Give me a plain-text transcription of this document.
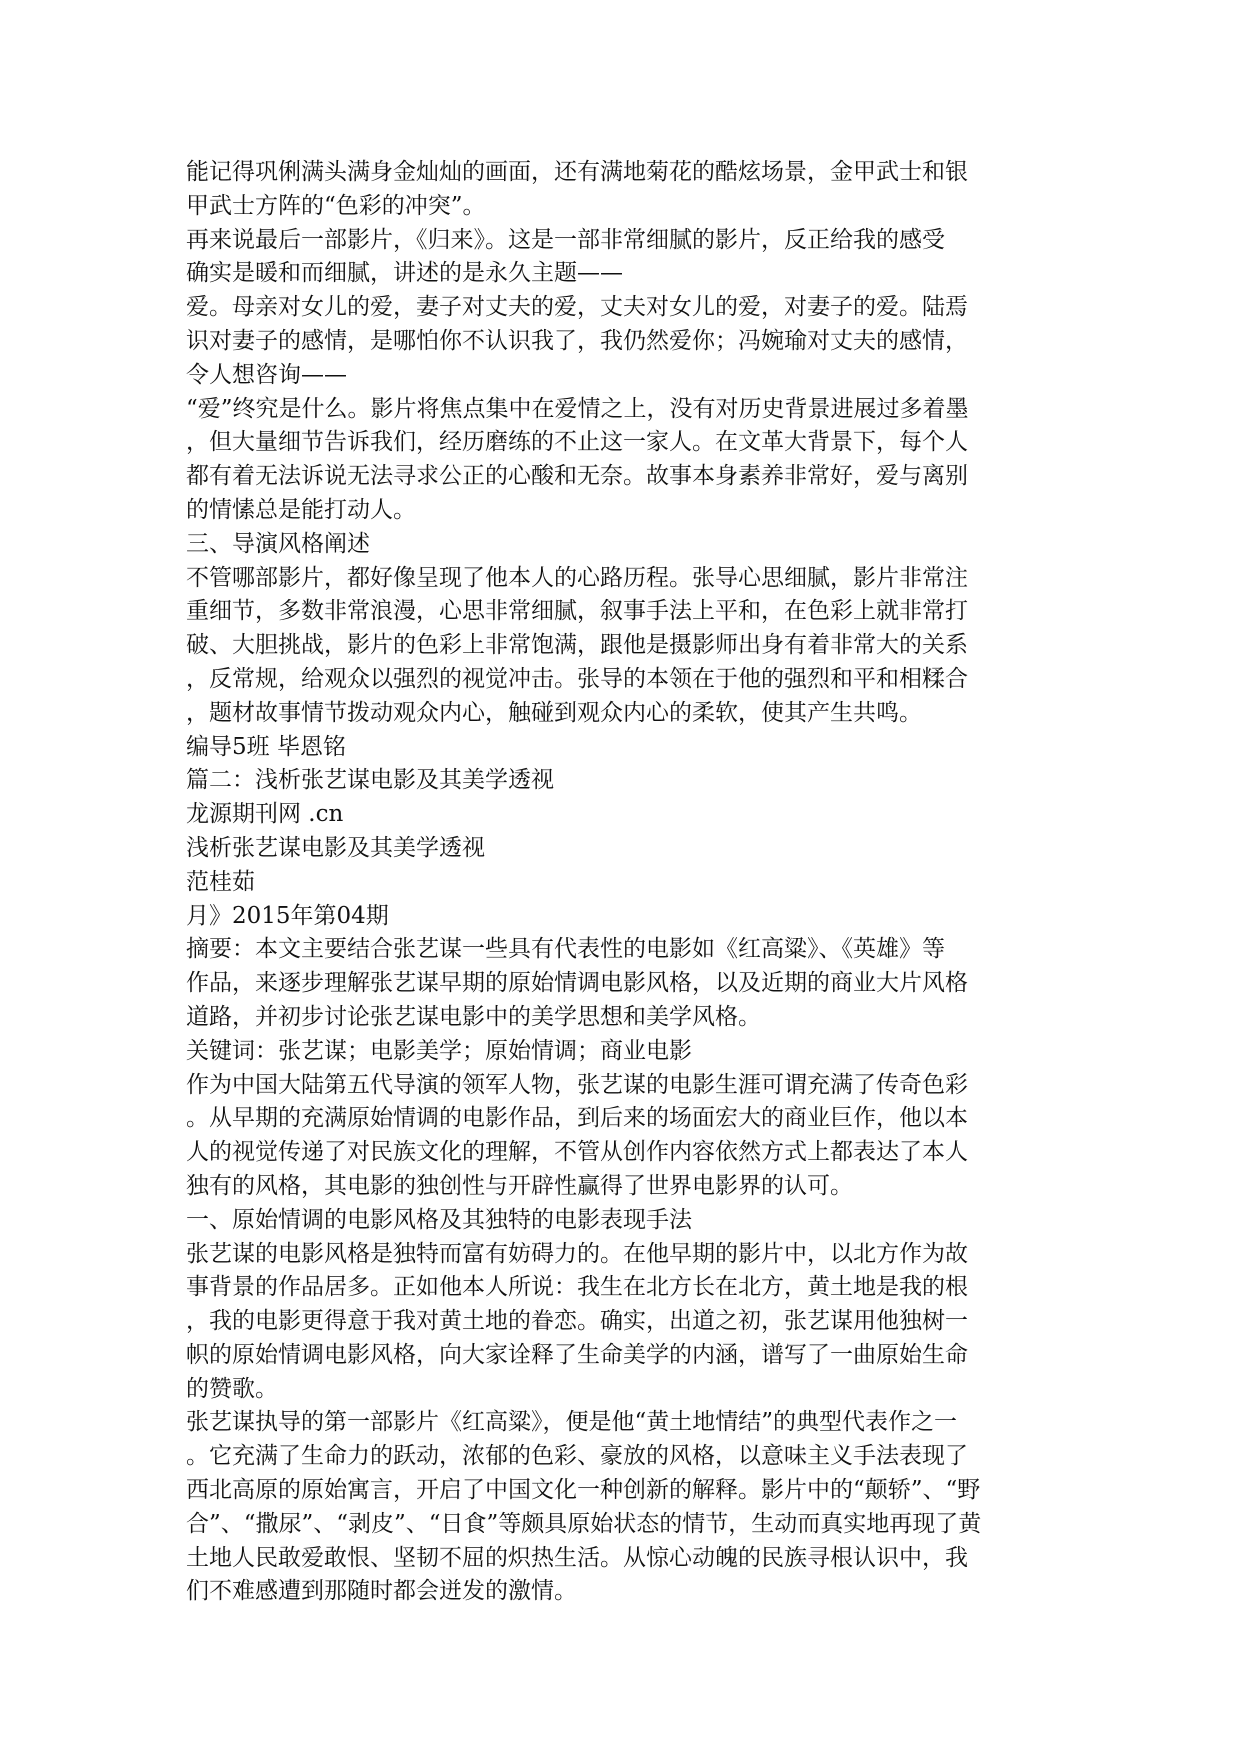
能记得巩俐满头满身金灿灿的画面，还有满地菊花的酷炫场景，金甲武士和银
甲武士方阵的“色彩的冲突”。
再来说最后一部影片，《归来》。这是一部非常细腻的影片，反正给我的感受
确实是暖和而细腻，讲述的是永久主题——
爱。母亲对女儿的爱，妻子对丈夫的爱，丈夫对女儿的爱，对妻子的爱。陆焉
识对妻子的感情，是哪怕你不认识我了，我仍然爱你；冯婉瑜对丈夫的感情，
令人想咨询——
“爱”终究是什么。影片将焦点集中在爱情之上，没有对历史背景进展过多着墨
，但大量细节告诉我们，经历磨练的不止这一家人。在文革大背景下，每个人
都有着无法诉说无法寻求公正的心酸和无奈。故事本身素养非常好，爱与离别
的情愫总是能打动人。
三、导演风格阐述
不管哪部影片，都好像呈现了他本人的心路历程。张导心思细腻，影片非常注
重细节，多数非常浪漫，心思非常细腻，叙事手法上平和，在色彩上就非常打
破、大胆挑战，影片的色彩上非常饱满，跟他是摄影师出身有着非常大的关系
，反常规，给观众以强烈的视觉冲击。张导的本领在于他的强烈和平和相糅合
，题材故事情节拨动观众内心，触碰到观众内心的柔软，使其产生共鸣。
编导5班 毕恩铭
篇二：浅析张艺谋电影及其美学透视
龙源期刊网 .cn
浅析张艺谋电影及其美学透视
范桂茹
月》2015年第04期
摘要：本文主要结合张艺谋一些具有代表性的电影如《红高粱》、《英雄》等
作品，来逐步理解张艺谋早期的原始情调电影风格，以及近期的商业大片风格
道路，并初步讨论张艺谋电影中的美学思想和美学风格。
关键词：张艺谋；电影美学；原始情调；商业电影
作为中国大陆第五代导演的领军人物，张艺谋的电影生涯可谓充满了传奇色彩
。从早期的充满原始情调的电影作品，到后来的场面宏大的商业巨作，他以本
人的视觉传递了对民族文化的理解，不管从创作内容依然方式上都表达了本人
独有的风格，其电影的独创性与开辟性赢得了世界电影界的认可。
一、原始情调的电影风格及其独特的电影表现手法
张艺谋的电影风格是独特而富有妨碍力的。在他早期的影片中，以北方作为故
事背景的作品居多。正如他本人所说：我生在北方长在北方，黄土地是我的根
，我的电影更得意于我对黄土地的眷恋。确实，出道之初，张艺谋用他独树一
帜的原始情调电影风格，向大家诠释了生命美学的内涵，谱写了一曲原始生命
的赞歌。
张艺谋执导的第一部影片《红高粱》，便是他“黄土地情结”的典型代表作之一
。它充满了生命力的跃动，浓郁的色彩、豪放的风格，以意味主义手法表现了
西北高原的原始寓言，开启了中国文化一种创新的解释。影片中的“颠轿”、“野
合”、“撒尿”、“剥皮”、“日食”等颇具原始状态的情节，生动而真实地再现了黄
土地人民敢爱敢恨、坚韧不屈的炽热生活。从惊心动魄的民族寻根认识中，我
们不难感遭到那随时都会迸发的激情。
